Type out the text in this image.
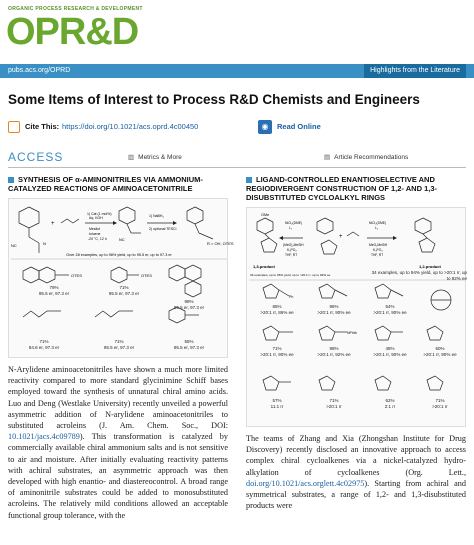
ORGANIC PROCESS RESEARCH & DEVELOPMENT
OPR&D
pubs.acs.org/OPRD	Highlights from the Literature
Some Items of Interest to Process R&D Chemists and Engineers
Cite This: https://doi.org/10.1021/acs.oprd.4c00450	◉	Read Online
ACCESS	▥ Metrics & More	▤ Article Recommendations
SYNTHESIS OF α-AMINONITRILES VIA AMMONIUM-CATALYZED REACTIONS OF AMINOACETONITRILE
NC	N
+
1) Cat (1 mol%)
Aq. KOH
Mesitol
toluene
-20 °C, 12 h	NC
1) NaBH₄
2) optional TESCl
R = OH, OTES
Over 28 examples, up to 98% yield, up to 95.5 er, up to 97.3 er
OTES	OTES
79%
95.5 er, 97.3 er
71%
95.5 er, 97.3 er
98%
95.5 er, 97.3 er
71%
84.6 er, 97.3 er
71%
95.5 er, 97.3 er
55%
95.5 er, 97.3 er
N-Arylidene aminoacetonitriles have shown a much more limited reactivity compared to more standard glycinimine Schiff bases employed toward the synthesis of unnatural chiral amino acids. Luo and Deng (Westlake University) recently unveiled a powerful asymmetric addition of N-arylidene aminoacetonitriles to substituted acroleins (J. Am. Chem. Soc., DOI: 10.1021/jacs.4c09789). This transformation is catalyzed by commercially available chiral ammonium salts and is not sensitive to air and moisture. After initially evaluating reactivity patterns with achiral substrates, an asymmetric approach was then developed with high enantio- and diastereocontrol. A broad range of aminonitrile substrates could be added to monosubstituted acroleins. The relatively mild conditions allowed an acceptable functional group tolerance, with the
LIGAND-CONTROLLED ENANTIOSELECTIVE AND REGIODIVERGENT CONSTRUCTION OF 1,2- AND 1,3-DISUBSTITUTED CYCLOALKYL RINGS
OMe
1,3-product
NiCl₂(DME)
L₁
(MeO)₂MeSiH
K₃PO₄
THF, RT
+
NiCl₂(DME)
L₂
MeO₂MeSiH
K₃PO₄
THF, RT
1,2-product
34 examples, up to 96% yield, up to >20:1 rr, up to 92% ee
Ph
NPhth
85%
>20:1 rr, 86% ee
96%
>20:1 rr, 90% ee
54%
>20:1 rr, 90% ee
71%
>20:1 rr, 90% ee
98%
>20:1 rr, 92% ee
48%
>20:1 rr, 90% ee
60%
>20:1 rr, 90% ee
57%
11:1 rr
71%
>20:1 rr
62%
2:1 rr
71%
>20:1 rr
34 examples, up to 94% yield, up to >20:1 rr, up to 92% ee
The teams of Zhang and Xia (Zhongshan Institute for Drug Discovery) recently disclosed an innovative approach to access complex chiral cycloalkenes via a nickel-catalyzed hydro-alkylation of cycloalkenes (Org. Lett., doi.org/10.1021/acs.orglett.4c02975). Starting from achiral and symmetrical substrates, a range of 1,2- and 1,3-disubstituted products were
